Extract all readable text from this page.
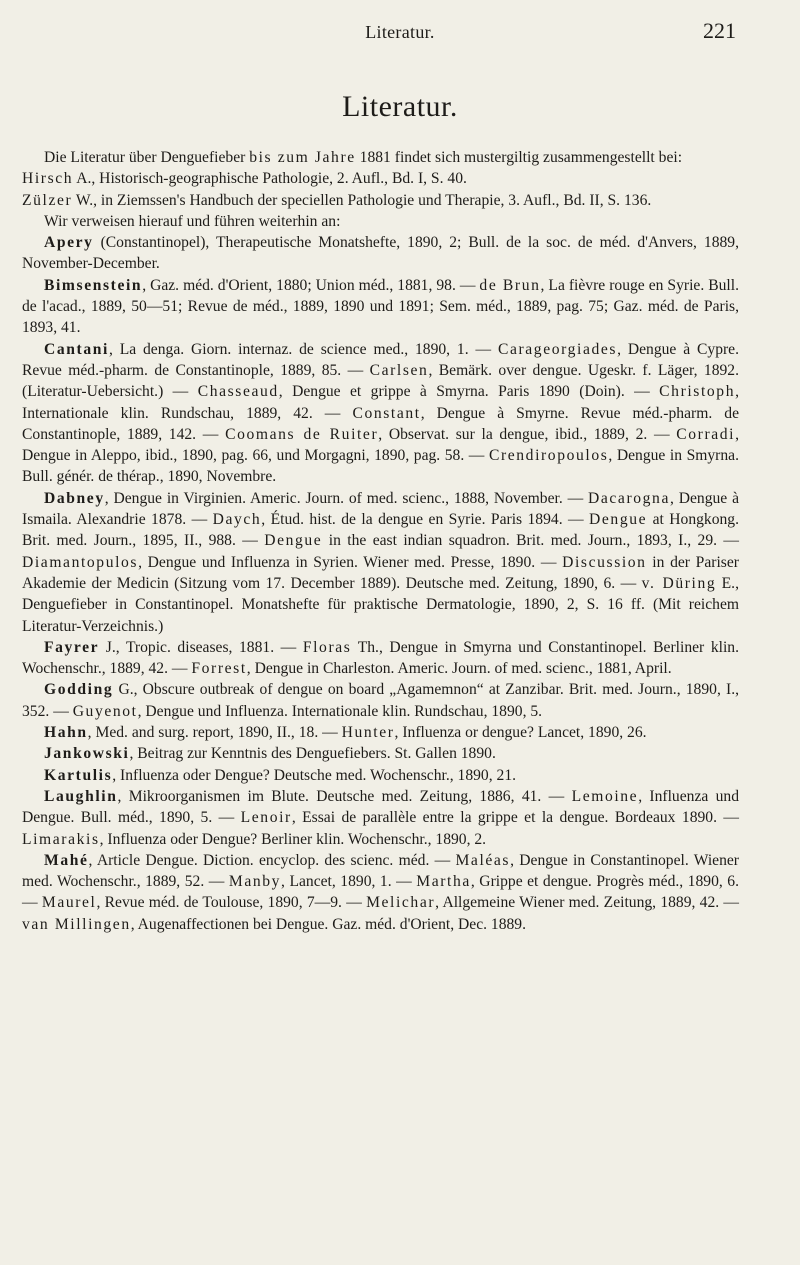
Literatur.	221
Literatur.

Die Literatur über Denguefieber bis zum Jahre 1881 findet sich mustergiltig zusammengestellt bei:

Hirsch A., Historisch-geographische Pathologie, 2. Aufl., Bd. I, S. 40.

Zülzer W., in Ziemssen's Handbuch der speciellen Pathologie und Therapie, 3. Aufl., Bd. II, S. 136.

Wir verweisen hierauf und führen weiterhin an:

Apery (Constantinopel), Therapeutische Monatshefte, 1890, 2; Bull. de la soc. de méd. d'Anvers, 1889, November-December.

Bimsenstein, Gaz. méd. d'Orient, 1880; Union méd., 1881, 98. — de Brun, La fièvre rouge en Syrie. Bull. de l'acad., 1889, 50—51; Revue de méd., 1889, 1890 und 1891; Sem. méd., 1889, pag. 75; Gaz. méd. de Paris, 1893, 41.

Cantani, La denga. Giorn. internaz. de science med., 1890, 1. — Carageorgiades, Dengue à Cypre. Revue méd.-pharm. de Constantinople, 1889, 85. — Carlsen, Bemärk. over dengue. Ugeskr. f. Läger, 1892. (Literatur-Uebersicht.) — Chasseaud, Dengue et grippe à Smyrna. Paris 1890 (Doin). — Christoph, Internationale klin. Rundschau, 1889, 42. — Constant, Dengue à Smyrne. Revue méd.-pharm. de Constantinople, 1889, 142. — Coomans de Ruiter, Observat. sur la dengue, ibid., 1889, 2. — Corradi, Dengue in Aleppo, ibid., 1890, pag. 66, und Morgagni, 1890, pag. 58. — Crendiropoulos, Dengue in Smyrna. Bull. génér. de thérap., 1890, Novembre.

Dabney, Dengue in Virginien. Americ. Journ. of med. scienc., 1888, November. — Dacarogna, Dengue à Ismaila. Alexandrie 1878. — Daych, Étud. hist. de la dengue en Syrie. Paris 1894. — Dengue at Hongkong. Brit. med. Journ., 1895, II., 988. — Dengue in the east indian squadron. Brit. med. Journ., 1893, I., 29. — Diamantopulos, Dengue und Influenza in Syrien. Wiener med. Presse, 1890. — Discussion in der Pariser Akademie der Medicin (Sitzung vom 17. December 1889). Deutsche med. Zeitung, 1890, 6. — v. Düring E., Denguefieber in Constantinopel. Monatshefte für praktische Dermatologie, 1890, 2, S. 16 ff. (Mit reichem Literatur-Verzeichnis.)

Fayrer J., Tropic. diseases, 1881. — Floras Th., Dengue in Smyrna und Constantinopel. Berliner klin. Wochenschr., 1889, 42. — Forrest, Dengue in Charleston. Americ. Journ. of med. scienc., 1881, April.

Godding G., Obscure outbreak of dengue on board „Agamemnon“ at Zanzibar. Brit. med. Journ., 1890, I., 352. — Guyenot, Dengue und Influenza. Internationale klin. Rundschau, 1890, 5.

Hahn, Med. and surg. report, 1890, II., 18. — Hunter, Influenza or dengue? Lancet, 1890, 26.

Jankowski, Beitrag zur Kenntnis des Denguefiebers. St. Gallen 1890.

Kartulis, Influenza oder Dengue? Deutsche med. Wochenschr., 1890, 21.

Laughlin, Mikroorganismen im Blute. Deutsche med. Zeitung, 1886, 41. — Lemoine, Influenza und Dengue. Bull. méd., 1890, 5. — Lenoir, Essai de parallèle entre la grippe et la dengue. Bordeaux 1890. — Limarakis, Influenza oder Dengue? Berliner klin. Wochenschr., 1890, 2.

Mahé, Article Dengue. Diction. encyclop. des scienc. méd. — Maléas, Dengue in Constantinopel. Wiener med. Wochenschr., 1889, 52. — Manby, Lancet, 1890, 1. — Martha, Grippe et dengue. Progrès méd., 1890, 6. — Maurel, Revue méd. de Toulouse, 1890, 7—9. — Melichar, Allgemeine Wiener med. Zeitung, 1889, 42. — van Millingen, Augenaffectionen bei Dengue. Gaz. méd. d'Orient, Dec. 1889.
